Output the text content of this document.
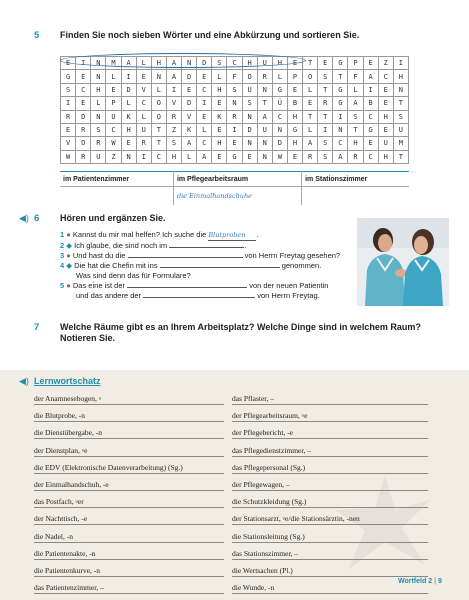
5 Finden Sie noch sieben Wörter und eine Abkürzung und sortieren Sie.
E	I	N	M	A	L	H	A	N	D	S	C	H	U	H	E	T	E	G	P	E	Z	I
G	E	N	L	I	E	N	A	D	E	L	F	O	R	L	P	O	S	T	F	A	C	H
S	C	H	E	D	V	L	I	E	C	H	S	U	N	G	E	L	T	G	L	I	E	N
I	E	L	P	L	C	O	V	D	I	E	N	S	T	Ü	B	E	R	G	A	B	E	T
R	D	N	U	K	L	O	R	V	E	K	R	N	A	C	H	T	T	I	S	C	H	S
E	R	S	C	H	U	T	Z	K	L	E	I	D	U	N	G	L	I	N	T	G	E	U
V	O	R	W	E	R	T	S	A	C	H	E	N	N	D	H	A	S	C	H	E	U	M
W	R	U	Z	N	I	C	H	L	A	E	G	E	N	W	E	R	S	A	R	C	H	T
im Patientenzimmer	im Pflegearbeitsraum	im Stationszimmer
	die Einmalhandschuhe	
◀) 6 Hören und ergänzen Sie.
1 ● Kannst du mir mal helfen? Ich suche die Blutproben .
2 ◆ Ich glaube, die sind noch im	.
3 ● Und hast du die	von Herrn Freytag gesehen?
4 ◆ Die hat die Chefin mit ins	genommen.
Was sind denn das für Formulare?
5 ● Das eine ist der	von der neuen Patientin
und das andere der	von Herrn Freytag.
7 Welche Räume gibt es an Ihrem Arbeitsplatz? Welche Dinge sind in welchem Raum?
Notieren Sie.
◀) Lernwortschatz
der Anamnesebogen, ⸚
die Blutprobe, -n
die Dienstübergabe, -n
der Dienstplan, ⸚e
die EDV (Elektronische Datenverarbeitung) (Sg.)
der Einmalhandschuh, -e
das Postfach, ⸚er
der Nachttisch, -e
die Nadel, -n
die Patientenakte, -n
die Patientenkurve, -n
das Patientenzimmer, –
das Pflaster, –
der Pflegearbeitsraum, ⸚e
der Pflegebericht, -e
das Pflegedienstzimmer, –
das Pflegepersonal (Sg.)
der Pflegewagen, –
die Schutzkleidung (Sg.)
der Stationsarzt, ⸚e/die Stationsärztin, -nen
die Stationsleitung (Sg.)
das Stationszimmer, –
die Wertsachen (Pl.)
die Wunde, -n
Wortfeld 2 | 9
